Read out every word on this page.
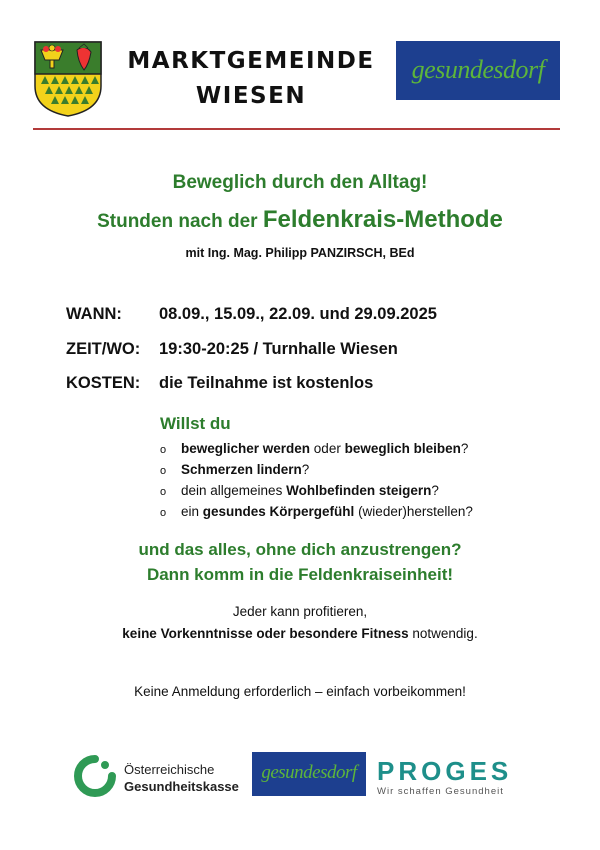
MARKTGEMEINDE
WIESEN
gesundesdorf
Beweglich durch den Alltag!
Stunden nach der Feldenkrais-Methode
mit Ing. Mag. Philipp PANZIRSCH, BEd
WANN: 08.09., 15.09., 22.09. und 29.09.2025
ZEIT/WO: 19:30-20:25 / Turnhalle Wiesen
KOSTEN: die Teilnahme ist kostenlos
Willst du
o beweglicher werden oder beweglich bleiben?
o Schmerzen lindern?
o dein allgemeines Wohlbefinden steigern?
o ein gesundes Körpergefühl (wieder)herstellen?
und das alles, ohne dich anzustrengen?
Dann komm in die Feldenkraiseinheit!
Jeder kann profitieren,
keine Vorkenntnisse oder besondere Fitness notwendig.
Keine Anmeldung erforderlich – einfach vorbeikommen!
Österreichische
Gesundheitskasse
gesundesdorf PROGES
Wir schaffen Gesundheit
